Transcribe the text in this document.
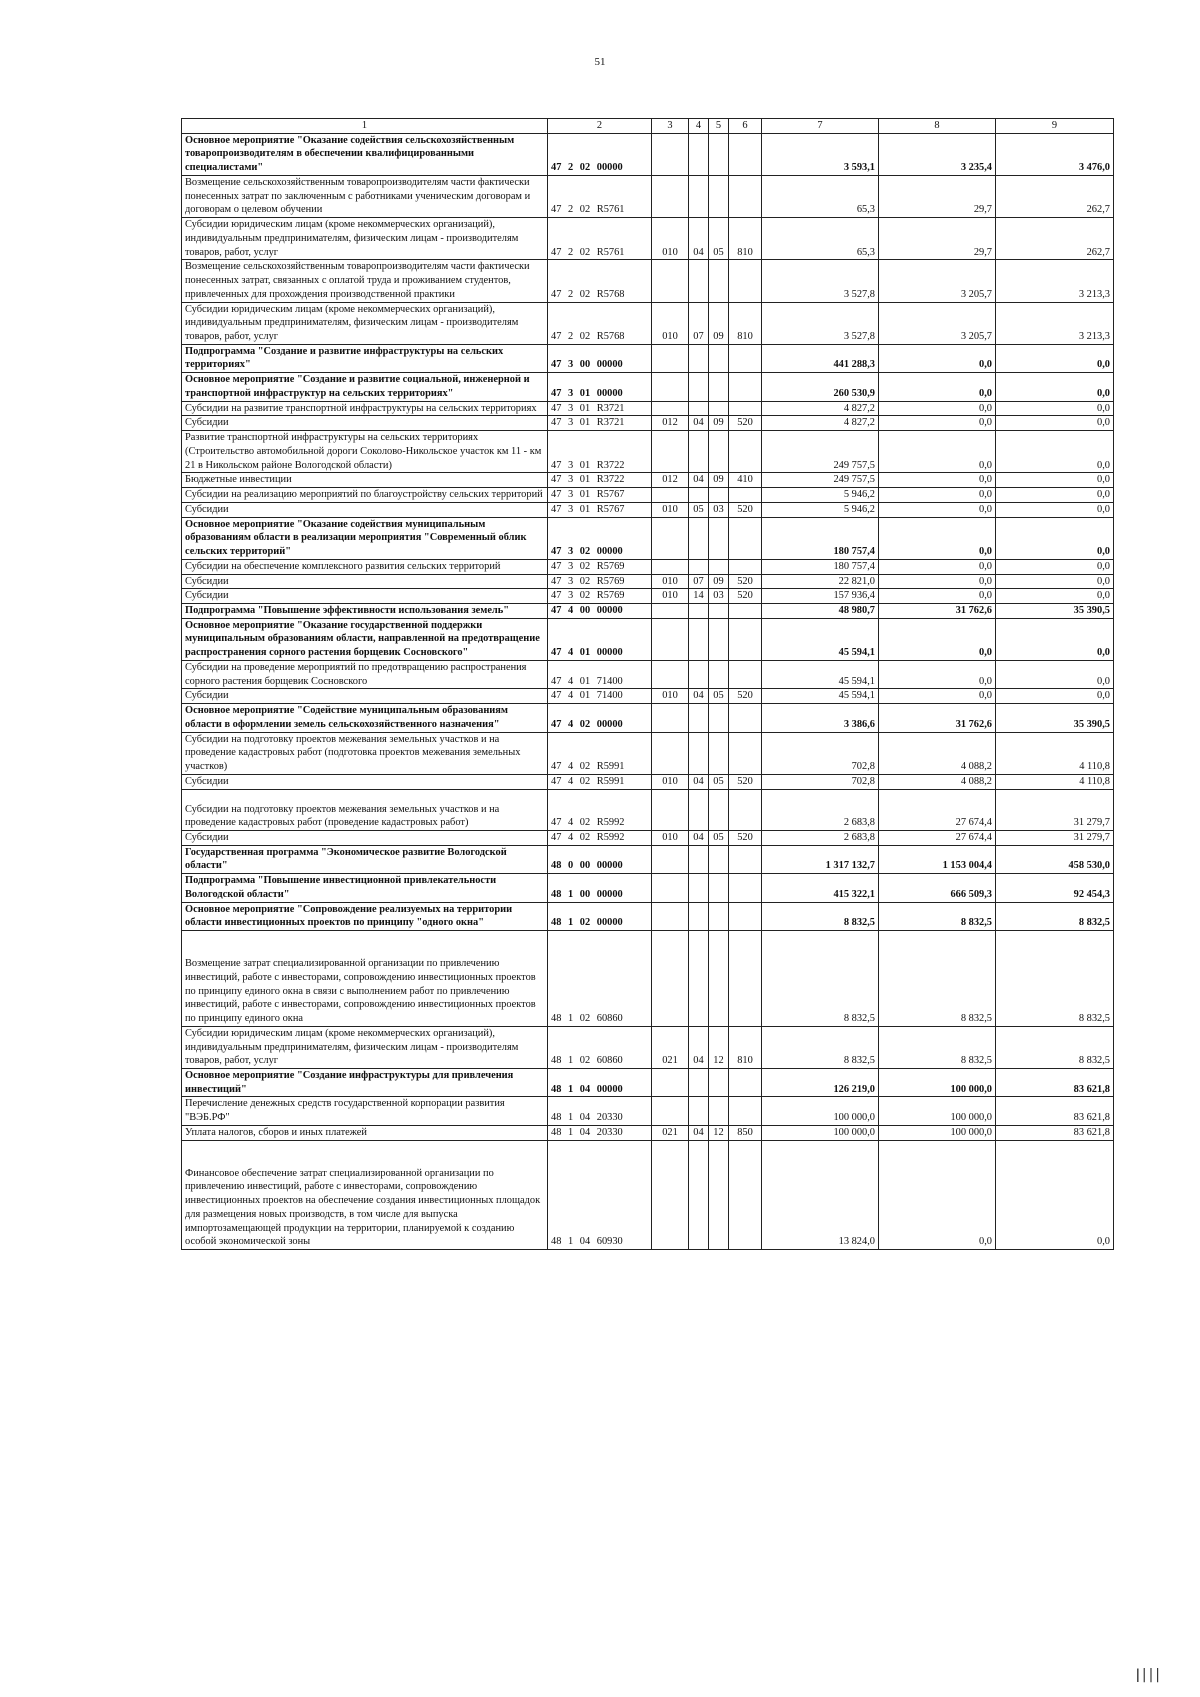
51
1	2	3	4	5	6	7	8	9
Основное мероприятие "Оказание содействия сельскохозяйственным товаропроизводителям в обеспечении квалифицированными специалистами"	47 2 02 00000					3 593,1	3 235,4	3 476,0
Возмещение сельскохозяйственным товаропроизводителям части фактически понесенных затрат по заключенным с работниками ученическим договорам и договорам о целевом обучении	47 2 02 R5761					65,3	29,7	262,7
Субсидии юридическим лицам (кроме некоммерческих организаций), индивидуальным предпринимателям, физическим лицам - производителям товаров, работ, услуг	47 2 02 R5761	010	04	05	810	65,3	29,7	262,7
Возмещение сельскохозяйственным товаропроизводителям части фактически понесенных затрат, связанных с оплатой труда и проживанием студентов, привлеченных для прохождения производственной практики	47 2 02 R5768					3 527,8	3 205,7	3 213,3
Субсидии юридическим лицам (кроме некоммерческих организаций), индивидуальным предпринимателям, физическим лицам - производителям товаров, работ, услуг	47 2 02 R5768	010	07	09	810	3 527,8	3 205,7	3 213,3
Подпрограмма "Создание и развитие инфраструктуры на сельских территориях"	47 3 00 00000					441 288,3	0,0	0,0
Основное мероприятие "Создание и развитие социальной, инженерной и транспортной инфраструктур на сельских территориях"	47 3 01 00000					260 530,9	0,0	0,0
Субсидии на развитие транспортной инфраструктуры на сельских территориях	47 3 01 R3721					4 827,2	0,0	0,0
Субсидии	47 3 01 R3721	012	04	09	520	4 827,2	0,0	0,0
Развитие транспортной инфраструктуры на сельских территориях (Строительство автомобильной дороги Соколово-Никольское участок км 11 - км 21 в Никольском районе Вологодской области)	47 3 01 R3722					249 757,5	0,0	0,0
Бюджетные инвестиции	47 3 01 R3722	012	04	09	410	249 757,5	0,0	0,0
Субсидии на реализацию мероприятий по благоустройству сельских территорий	47 3 01 R5767					5 946,2	0,0	0,0
Субсидии	47 3 01 R5767	010	05	03	520	5 946,2	0,0	0,0
Основное мероприятие "Оказание содействия муниципальным образованиям области в реализации мероприятия "Современный облик сельских территорий"	47 3 02 00000					180 757,4	0,0	0,0
Субсидии на обеспечение комплексного развития сельских территорий	47 3 02 R5769					180 757,4	0,0	0,0
Субсидии	47 3 02 R5769	010	07	09	520	22 821,0	0,0	0,0
Субсидии	47 3 02 R5769	010	14	03	520	157 936,4	0,0	0,0
Подпрограмма "Повышение эффективности использования земель"	47 4 00 00000					48 980,7	31 762,6	35 390,5
Основное мероприятие "Оказание государственной поддержки муниципальным образованиям области, направленной на предотвращение распространения сорного растения борщевик Сосновского"	47 4 01 00000					45 594,1	0,0	0,0
Субсидии на проведение мероприятий по предотвращению распространения сорного растения борщевик Сосновского	47 4 01 71400					45 594,1	0,0	0,0
Субсидии	47 4 01 71400	010	04	05	520	45 594,1	0,0	0,0
Основное мероприятие "Содействие муниципальным образованиям области в оформлении земель сельскохозяйственного назначения"	47 4 02 00000					3 386,6	31 762,6	35 390,5
Субсидии на подготовку проектов межевания земельных участков и на проведение кадастровых работ (подготовка проектов межевания земельных участков)	47 4 02 R5991					702,8	4 088,2	4 110,8
Субсидии	47 4 02 R5991	010	04	05	520	702,8	4 088,2	4 110,8

Субсидии на подготовку проектов межевания земельных участков и на проведение кадастровых работ (проведение кадастровых работ)	47 4 02 R5992					2 683,8	27 674,4	31 279,7
Субсидии	47 4 02 R5992	010	04	05	520	2 683,8	27 674,4	31 279,7
Государственная программа "Экономическое развитие Вологодской области"	48 0 00 00000					1 317 132,7	1 153 004,4	458 530,0
Подпрограмма "Повышение инвестиционной привлекательности Вологодской области"	48 1 00 00000					415 322,1	666 509,3	92 454,3
Основное мероприятие "Сопровождение реализуемых на территории области инвестиционных проектов по принципу "одного окна"	48 1 02 00000					8 832,5	8 832,5	8 832,5

Возмещение затрат специализированной организации по привлечению инвестиций, работе с инвесторами, сопровождению инвестиционных проектов по принципу единого окна в связи с выполнением работ по привлечению инвестиций, работе с инвесторами, сопровождению инвестиционных проектов по принципу единого окна	48 1 02 60860					8 832,5	8 832,5	8 832,5
Субсидии юридическим лицам (кроме некоммерческих организаций), индивидуальным предпринимателям, физическим лицам - производителям товаров, работ, услуг	48 1 02 60860	021	04	12	810	8 832,5	8 832,5	8 832,5
Основное мероприятие "Создание инфраструктуры для привлечения инвестиций"	48 1 04 00000					126 219,0	100 000,0	83 621,8
Перечисление денежных средств государственной корпорации развития "ВЭБ.РФ"	48 1 04 20330					100 000,0	100 000,0	83 621,8
Уплата налогов, сборов и иных платежей	48 1 04 20330	021	04	12	850	100 000,0	100 000,0	83 621,8

Финансовое обеспечение затрат специализированной организации по привлечению инвестиций, работе с инвесторами, сопровождению инвестиционных проектов на обеспечение создания инвестиционных площадок для размещения новых производств, в том числе для выпуска импортозамещающей продукции на территории, планируемой к созданию особой экономической зоны	48 1 04 60930					13 824,0	0,0	0,0
ǀ|||
